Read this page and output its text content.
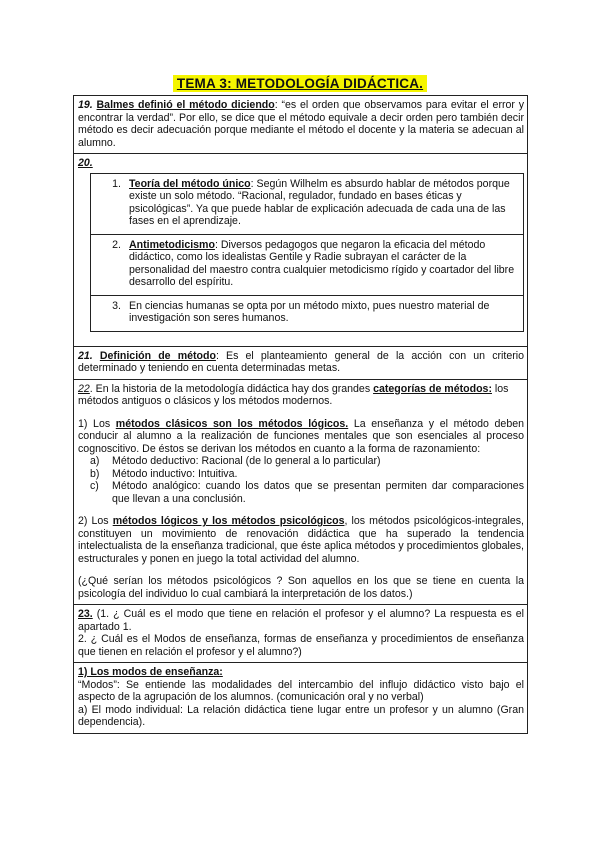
TEMA 3: METODOLOGÍA DIDÁCTICA.

19. Balmes definió el método diciendo: “es el orden que observamos para evitar el error y encontrar la verdad”. Por ello, se dice que el método equivale a decir orden pero también decir método es decir adecuación porque mediante el método el docente y la materia se adecuan al alumno.

20.

1. Teoría del método único: Según Wilhelm es absurdo hablar de métodos porque existe un solo método. “Racional, regulador, fundado en bases éticas y psicológicas”. Ya que puede hablar de explicación adecuada de cada una de las fases en el aprendizaje.
2. Antimetodicismo: Diversos pedagogos que negaron la eficacia del método didáctico, como los idealistas Gentile y Radie subrayan el carácter de la personalidad del maestro contra cualquier metodicismo rígido y coartador del libre desarrollo del espíritu.
3. En ciencias humanas se opta por un método mixto, pues nuestro material de investigación son seres humanos.

21. Definición de método: Es el planteamiento general de la acción con un criterio determinado y teniendo en cuenta determinadas metas.

22. En la historia de la metodología didáctica hay dos grandes categorías de métodos: los métodos antiguos o clásicos y los métodos modernos.

1) Los métodos clásicos son los métodos lógicos. La enseñanza y el método deben conducir al alumno a la realización de funciones mentales que son esenciales al proceso cognoscitivo. De éstos se derivan los métodos en cuanto a la forma de razonamiento:

a)	Método deductivo: Racional (de lo general a lo particular)
b)	Método inductivo: Intuitiva.
c)	Método analógico: cuando los datos que se presentan permiten dar comparaciones que llevan a una conclusión.

2) Los métodos lógicos y los métodos psicológicos, los métodos psicológicos-integrales, constituyen un movimiento de renovación didáctica que ha superado la tendencia intelectualista de la enseñanza tradicional, que éste aplica métodos y procedimientos globales, estructurales y ponen en juego la total actividad del alumno.

(¿Qué serían los métodos psicológicos ? Son aquellos en los que se tiene en cuenta la psicología del individuo lo cual cambiará la interpretación de los datos.)

23. (1. ¿ Cuál es el modo que tiene en relación el profesor y el alumno? La respuesta es el apartado 1.

2. ¿ Cuál es el Modos de enseñanza, formas de enseñanza y procedimientos de enseñanza que tienen en relación el profesor y el alumno?)

1) Los modos de enseñanza:

“Modos”: Se entiende las modalidades del intercambio del influjo didáctico visto bajo el aspecto de la agrupación de los alumnos. (comunicación oral y no verbal)

a) El modo individual: La relación didáctica tiene lugar entre un profesor y un alumno (Gran dependencia).
